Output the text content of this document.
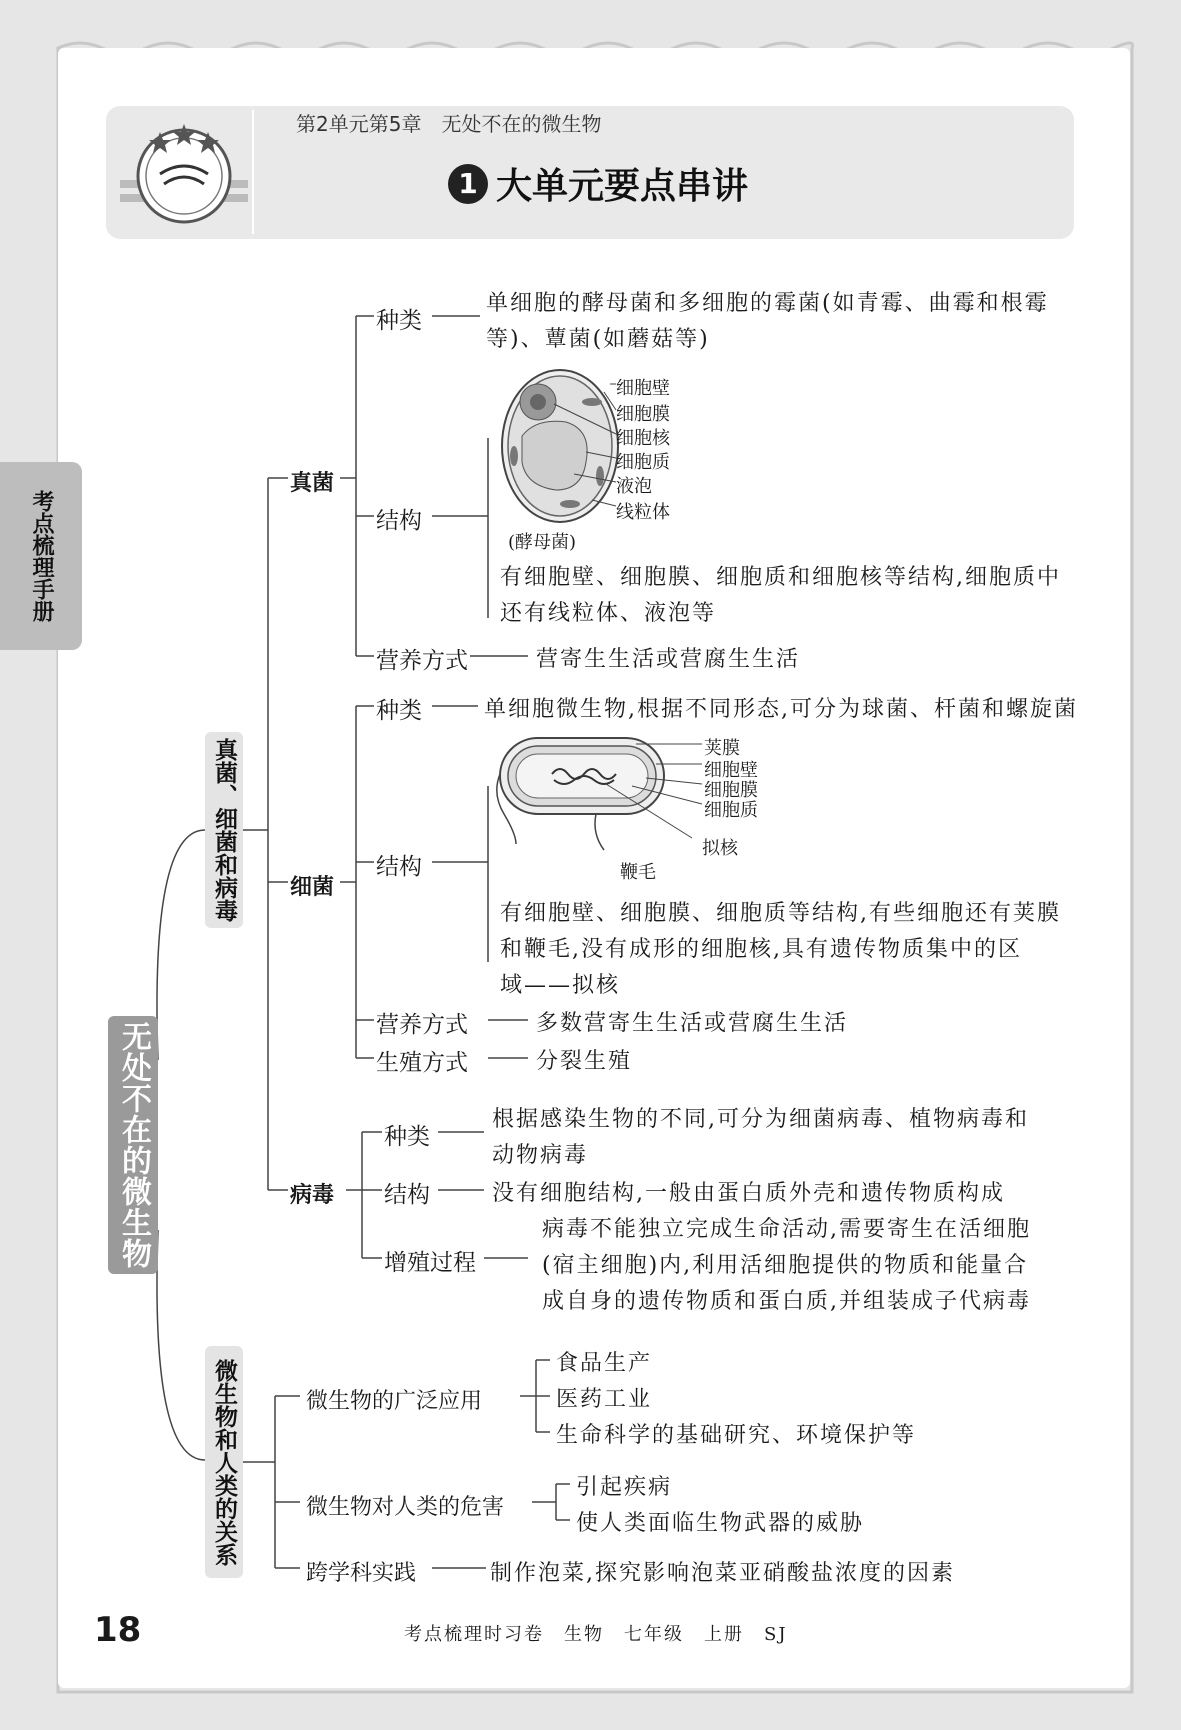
第2单元第5章　无处不在的微生物
1 大单元要点串讲
考点梳理手册
无处不在的微生物
真菌、细菌和病毒
微生物和人类的关系
真菌
种类
单细胞的酵母菌和多细胞的霉菌(如青霉、曲霉和根霉
等)、蕈菌(如蘑菇等)
结构
细胞壁
细胞膜
细胞核
细胞质
液泡
线粒体
(酵母菌)
有细胞壁、细胞膜、细胞质和细胞核等结构,细胞质中
还有线粒体、液泡等
营养方式	营寄生生活或营腐生生活
细菌
种类	单细胞微生物,根据不同形态,可分为球菌、杆菌和螺旋菌
结构
荚膜
细胞壁
细胞膜
细胞质
拟核
鞭毛
有细胞壁、细胞膜、细胞质等结构,有些细胞还有荚膜
和鞭毛,没有成形的细胞核,具有遗传物质集中的区
域——拟核
营养方式	多数营寄生生活或营腐生生活
生殖方式	分裂生殖
病毒
种类
根据感染生物的不同,可分为细菌病毒、植物病毒和
动物病毒
结构	没有细胞结构,一般由蛋白质外壳和遗传物质构成
增殖过程
病毒不能独立完成生命活动,需要寄生在活细胞
(宿主细胞)内,利用活细胞提供的物质和能量合
成自身的遗传物质和蛋白质,并组装成子代病毒
微生物的广泛应用
食品生产
医药工业
生命科学的基础研究、环境保护等
微生物对人类的危害
引起疾病
使人类面临生物武器的威胁
跨学科实践	制作泡菜,探究影响泡菜亚硝酸盐浓度的因素
18	考点梳理时习卷　生物　七年级　上册　SJ
